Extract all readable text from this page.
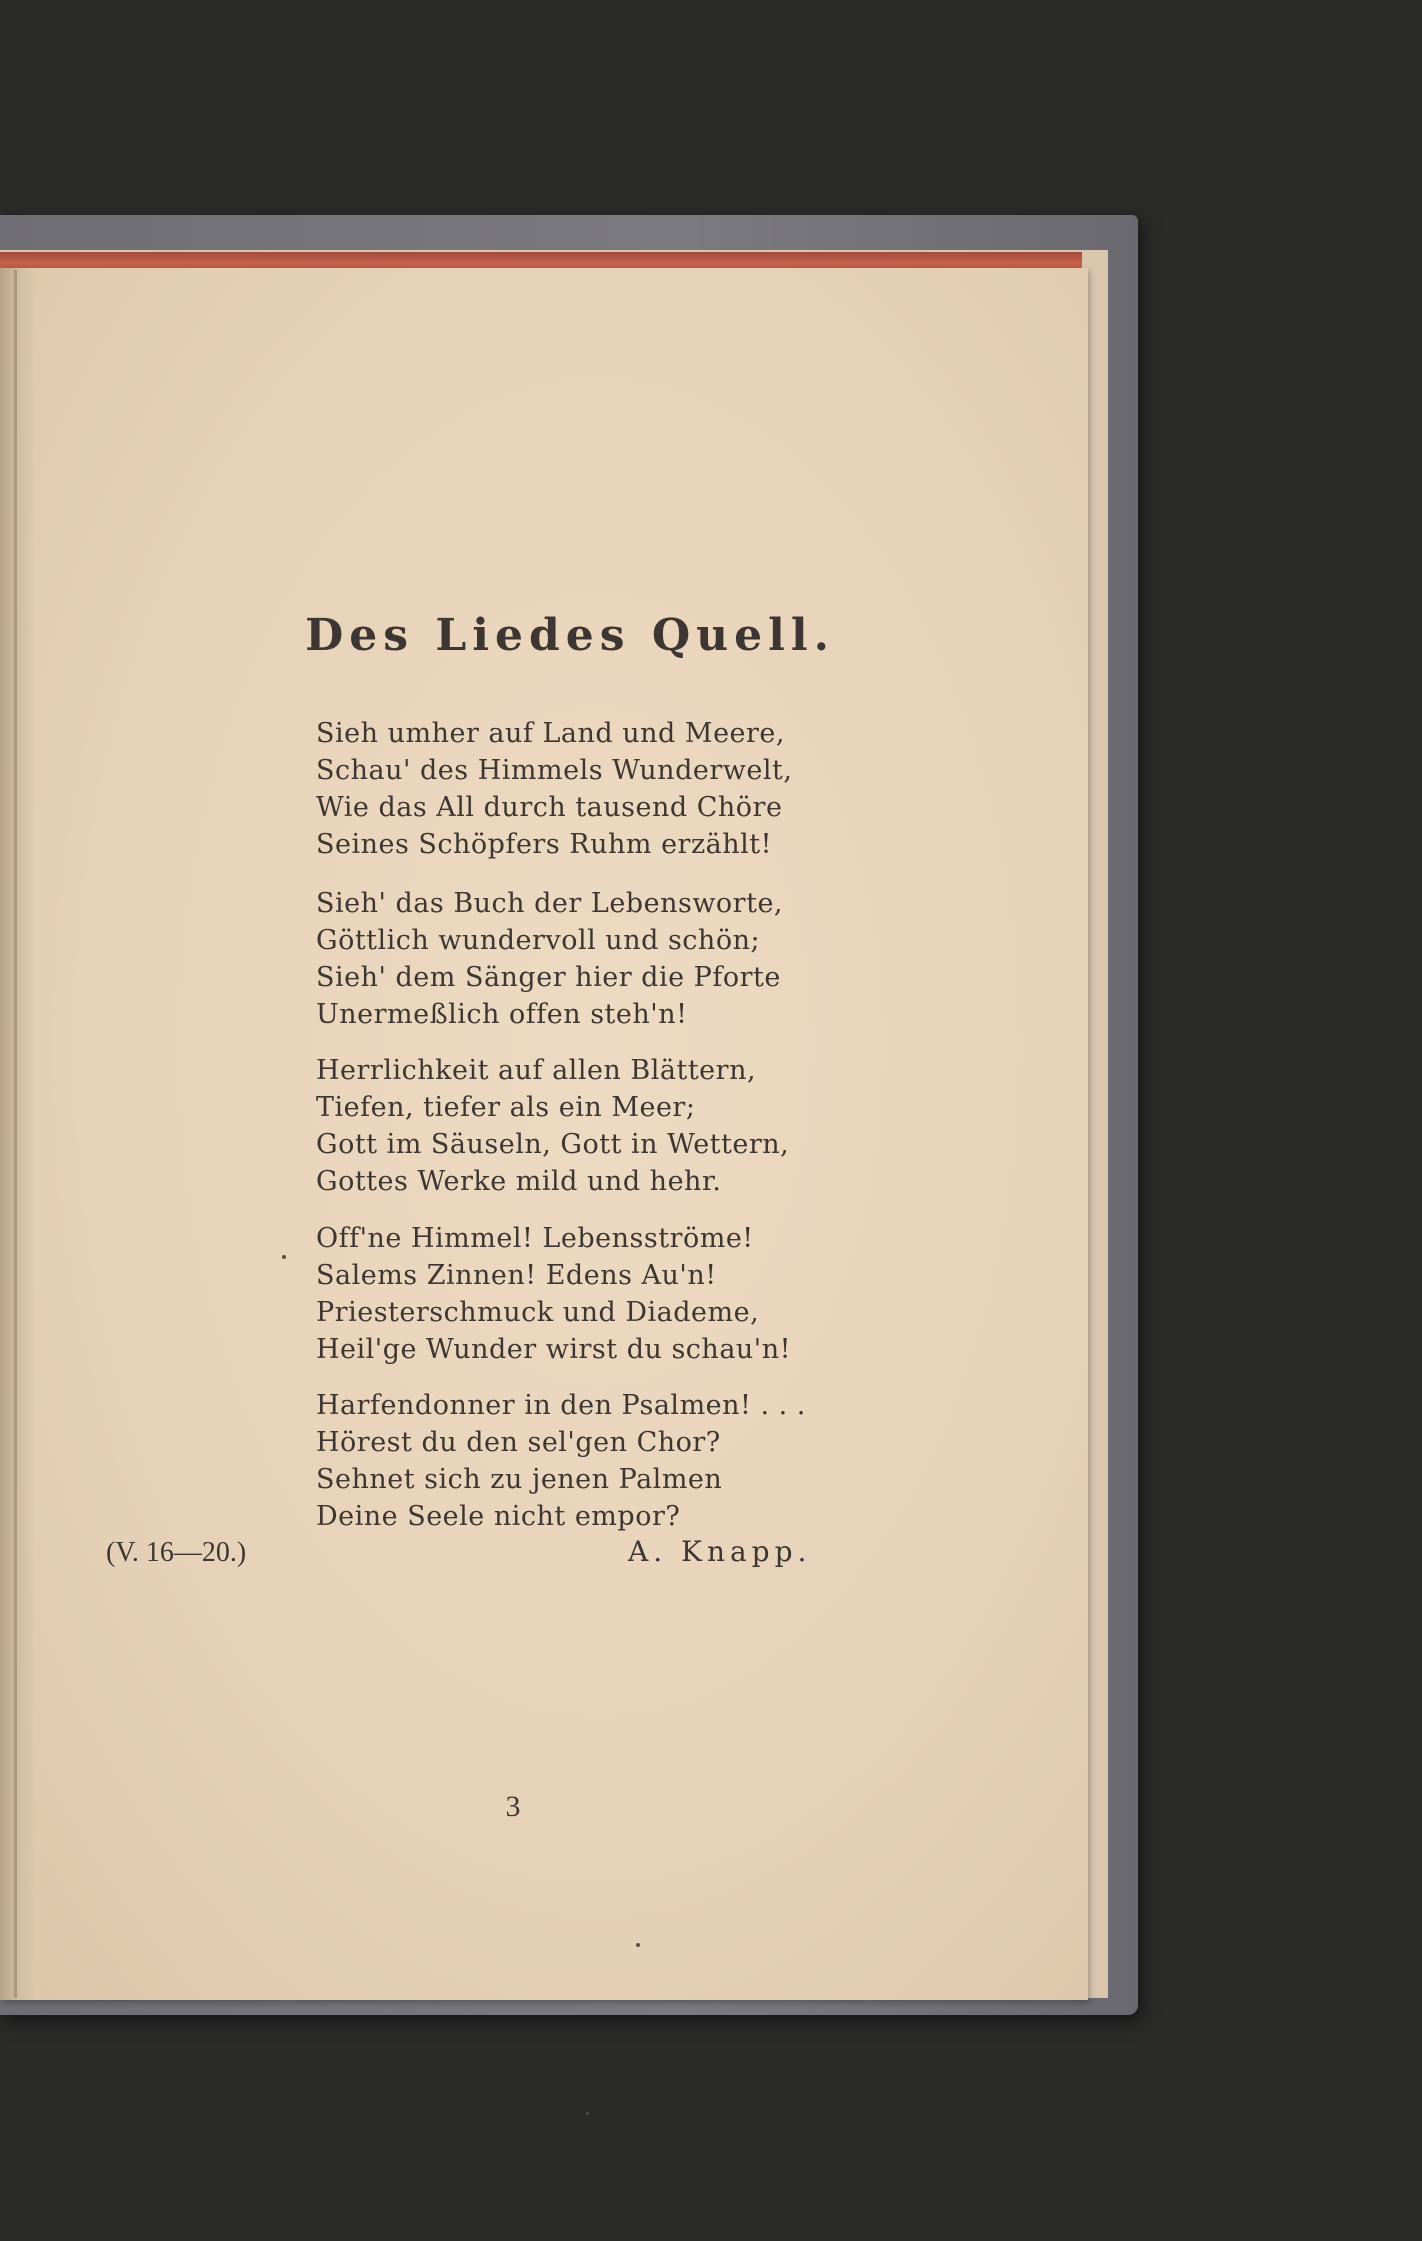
Des Liedes Quell.
Sieh umher auf Land und Meere,
Schau' des Himmels Wunderwelt,
Wie das All durch tausend Chöre
Seines Schöpfers Ruhm erzählt!
Sieh' das Buch der Lebensworte,
Göttlich wundervoll und schön;
Sieh' dem Sänger hier die Pforte
Unermeßlich offen steh'n!
Herrlichkeit auf allen Blättern,
Tiefen, tiefer als ein Meer;
Gott im Säuseln, Gott in Wettern,
Gottes Werke mild und hehr.
Off'ne Himmel! Lebensströme!
Salems Zinnen! Edens Au'n!
Priesterschmuck und Diademe,
Heil'ge Wunder wirst du schau'n!
Harfendonner in den Psalmen! . . .
Hörest du den sel'gen Chor?
Sehnet sich zu jenen Palmen
Deine Seele nicht empor?
(V. 16—20.)	A. Knapp.
3
